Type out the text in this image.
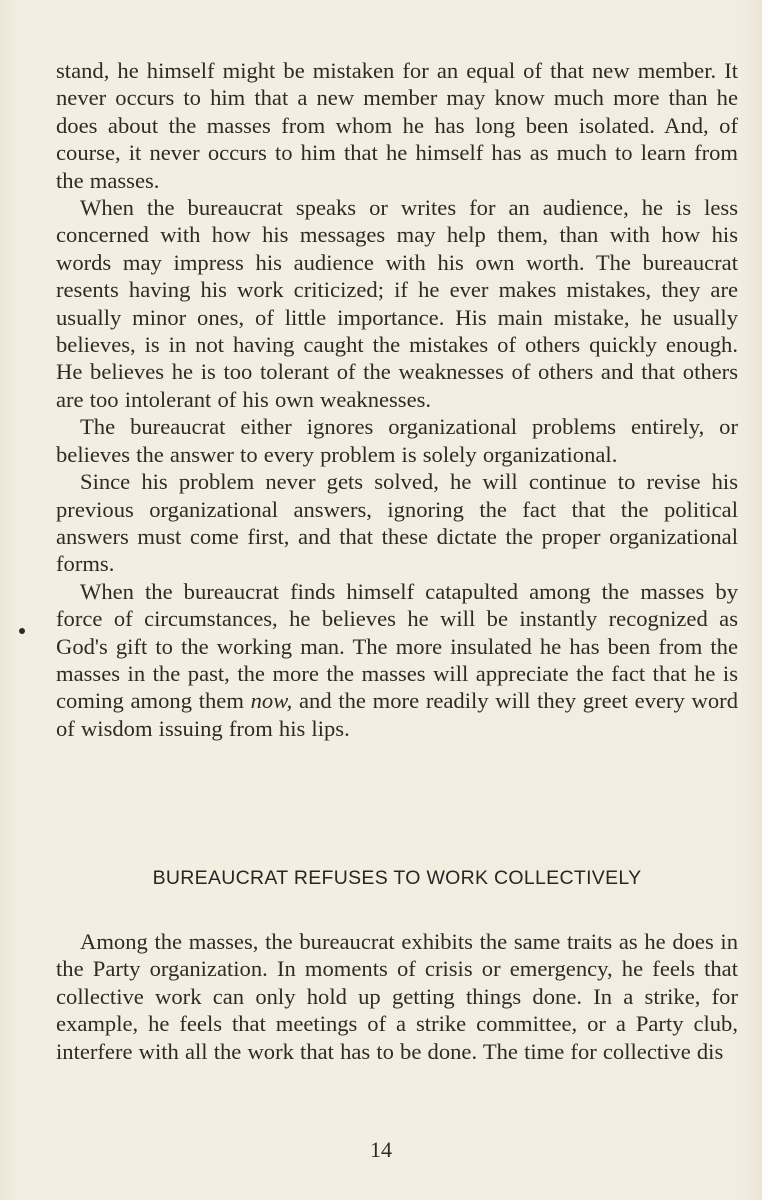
stand, he himself might be mistaken for an equal of that new member. It never occurs to him that a new member may know much more than he does about the masses from whom he has long been isolated. And, of course, it never occurs to him that he himself has as much to learn from the masses.

When the bureaucrat speaks or writes for an audience, he is less concerned with how his messages may help them, than with how his words may impress his audience with his own worth. The bureaucrat resents having his work criticized; if he ever makes mistakes, they are usually minor ones, of little importance. His main mistake, he usually believes, is in not having caught the mistakes of others quickly enough. He believes he is too tolerant of the weaknesses of others and that others are too intolerant of his own weaknesses.

The bureaucrat either ignores organizational problems entirely, or believes the answer to every problem is solely organizational.

Since his problem never gets solved, he will continue to revise his previous organizational answers, ignoring the fact that the political answers must come first, and that these dictate the proper organizational forms.

When the bureaucrat finds himself catapulted among the masses by force of circumstances, he believes he will be instantly recognized as God's gift to the working man. The more insulated he has been from the masses in the past, the more the masses will appreciate the fact that he is coming among them now, and the more readily will they greet every word of wisdom issuing from his lips.

BUREAUCRAT REFUSES TO WORK COLLECTIVELY

Among the masses, the bureaucrat exhibits the same traits as he does in the Party organization. In moments of crisis or emergency, he feels that collective work can only hold up getting things done. In a strike, for example, he feels that meetings of a strike committee, or a Party club, interfere with all the work that has to be done. The time for collective dis

14
